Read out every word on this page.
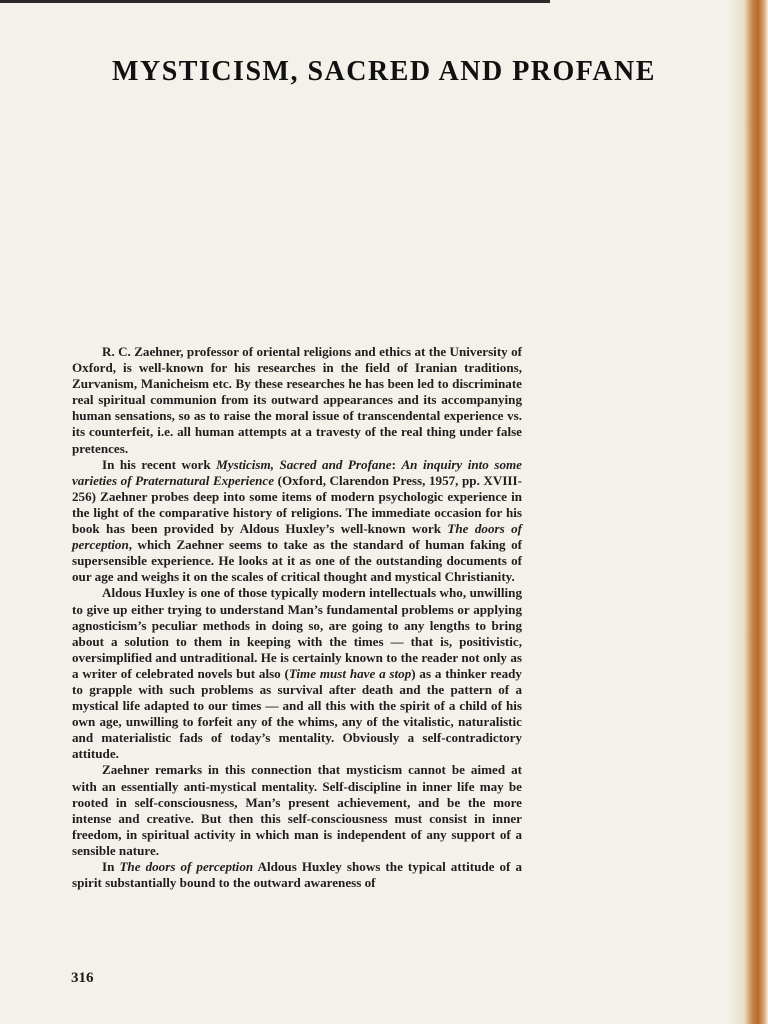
MYSTICISM, SACRED AND PROFANE

R. C. Zaehner, professor of oriental religions and ethics at the University of Oxford, is well-known for his researches in the field of Iranian traditions, Zurvanism, Manicheism etc. By these researches he has been led to discriminate real spiritual communion from its outward appearances and its accompanying human sensations, so as to raise the moral issue of transcendental experience vs. its counterfeit, i.e. all human attempts at a travesty of the real thing under false pretences.

In his recent work Mysticism, Sacred and Profane: An inquiry into some varieties of Praternatural Experience (Oxford, Clarendon Press, 1957, pp. XVIII-256) Zaehner probes deep into some items of modern psychologic experience in the light of the comparative history of religions. The immediate occasion for his book has been provided by Aldous Huxley’s well-known work The doors of perception, which Zaehner seems to take as the standard of human faking of supersensible experience. He looks at it as one of the outstanding documents of our age and weighs it on the scales of critical thought and mystical Christianity.

Aldous Huxley is one of those typically modern intellectuals who, unwilling to give up either trying to understand Man’s fundamental problems or applying agnosticism’s peculiar methods in doing so, are going to any lengths to bring about a solution to them in keeping with the times — that is, positivistic, oversimplified and untraditional. He is certainly known to the reader not only as a writer of celebrated novels but also (Time must have a stop) as a thinker ready to grapple with such problems as survival after death and the pattern of a mystical life adapted to our times — and all this with the spirit of a child of his own age, unwilling to forfeit any of the whims, any of the vitalistic, naturalistic and materialistic fads of today’s mentality. Obviously a self-contradictory attitude.

Zaehner remarks in this connection that mysticism cannot be aimed at with an essentially anti-mystical mentality. Self-discipline in inner life may be rooted in self-consciousness, Man’s present achievement, and be the more intense and creative. But then this self-consciousness must consist in inner freedom, in spiritual activity in which man is independent of any support of a sensible nature.

In The doors of perception Aldous Huxley shows the typical attitude of a spirit substantially bound to the outward awareness of

316
